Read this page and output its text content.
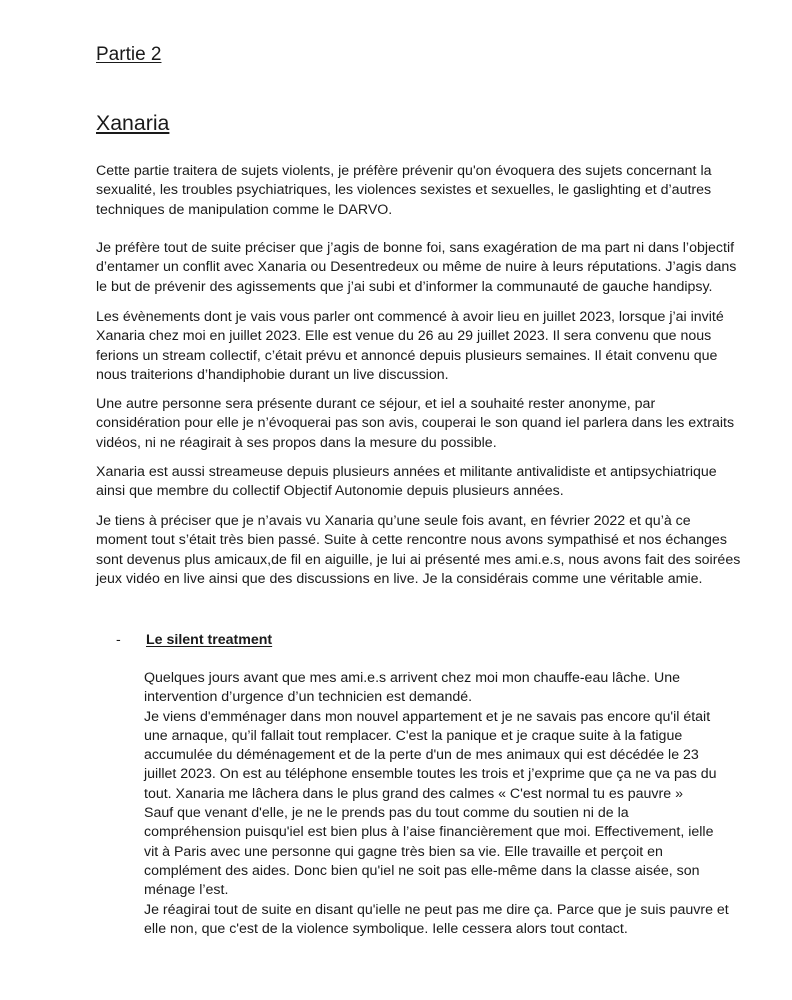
Partie 2
Xanaria

Cette partie traitera de sujets violents, je préfère prévenir qu'on évoquera des sujets concernant la
sexualité, les troubles psychiatriques, les violences sexistes et sexuelles, le gaslighting et d’autres
techniques de manipulation comme le DARVO.

Je préfère tout de suite préciser que j’agis de bonne foi, sans exagération de ma part ni dans l’objectif
d’entamer un conflit avec Xanaria ou Desentredeux ou même de nuire à leurs réputations. J’agis dans
le but de prévenir des agissements que j’ai subi et d’informer la communauté de gauche handipsy.

Les évènements dont je vais vous parler ont commencé à avoir lieu en juillet 2023, lorsque j’ai invité
Xanaria chez moi en juillet 2023. Elle est venue du 26 au 29 juillet 2023. Il sera convenu que nous
ferions un stream collectif, c’était prévu et annoncé depuis plusieurs semaines. Il était convenu que
nous traiterions d’handiphobie durant un live discussion.

Une autre personne sera présente durant ce séjour, et iel a souhaité rester anonyme, par
considération pour elle je n’évoquerai pas son avis, couperai le son quand iel parlera dans les extraits
vidéos, ni ne réagirait à ses propos dans la mesure du possible.

Xanaria est aussi streameuse depuis plusieurs années et militante antivalidiste et antipsychiatrique
ainsi que membre du collectif Objectif Autonomie depuis plusieurs années.

Je tiens à préciser que je n’avais vu Xanaria qu’une seule fois avant, en février 2022 et qu’à ce
moment tout s’était très bien passé. Suite à cette rencontre nous avons sympathisé et nos échanges
sont devenus plus amicaux,de fil en aiguille, je lui ai présenté mes ami.e.s, nous avons fait des soirées
jeux vidéo en live ainsi que des discussions en live. Je la considérais comme une véritable amie.

- Le silent treatment

Quelques jours avant que mes ami.e.s arrivent chez moi mon chauffe-eau lâche. Une
intervention d’urgence d’un technicien est demandé.
Je viens d'emménager dans mon nouvel appartement et je ne savais pas encore qu'il était
une arnaque, qu’il fallait tout remplacer. C'est la panique et je craque suite à la fatigue
accumulée du déménagement et de la perte d'un de mes animaux qui est décédée le 23
juillet 2023. On est au téléphone ensemble toutes les trois et j’exprime que ça ne va pas du
tout. Xanaria me lâchera dans le plus grand des calmes « C'est normal tu es pauvre »
Sauf que venant d'elle, je ne le prends pas du tout comme du soutien ni de la
compréhension puisqu'iel est bien plus à l’aise financièrement que moi. Effectivement, ielle
vit à Paris avec une personne qui gagne très bien sa vie. Elle travaille et perçoit en
complément des aides. Donc bien qu'iel ne soit pas elle-même dans la classe aisée, son
ménage l’est.
Je réagirai tout de suite en disant qu'ielle ne peut pas me dire ça. Parce que je suis pauvre et
elle non, que c'est de la violence symbolique. Ielle cessera alors tout contact.
